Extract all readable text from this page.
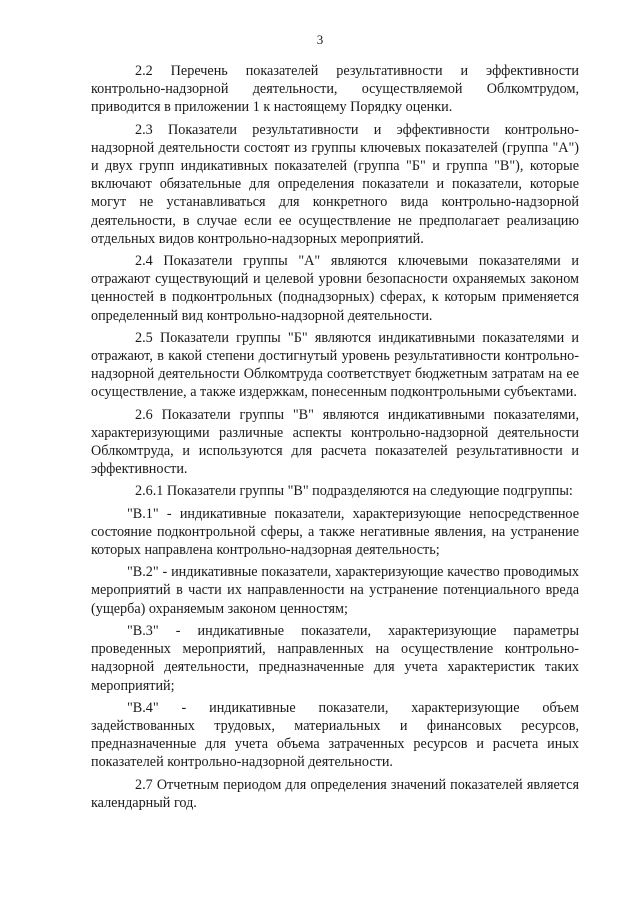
3

2.2 Перечень показателей результативности и эффективности контрольно-надзорной деятельности, осуществляемой Облкомтрудом, приводится в приложении 1 к настоящему Порядку оценки.

2.3 Показатели результативности и эффективности контрольно-надзорной деятельности состоят из группы ключевых показателей (группа "А") и двух групп индикативных показателей (группа "Б" и группа "В"), которые включают обязательные для определения показатели и показатели, которые могут не устанавливаться для конкретного вида контрольно-надзорной деятельности, в случае если ее осуществление не предполагает реализацию отдельных видов контрольно-надзорных мероприятий.

2.4 Показатели группы "А" являются ключевыми показателями и отражают существующий и целевой уровни безопасности охраняемых законом ценностей в подконтрольных (поднадзорных) сферах, к которым применяется определенный вид контрольно-надзорной деятельности.

2.5 Показатели группы "Б" являются индикативными показателями и отражают, в какой степени достигнутый уровень результативности контрольно-надзорной деятельности Облкомтруда соответствует бюджетным затратам на ее осуществление, а также издержкам, понесенным подконтрольными субъектами.

2.6 Показатели группы "В" являются индикативными показателями, характеризующими различные аспекты контрольно-надзорной деятельности Облкомтруда, и используются для расчета показателей результативности и эффективности.

2.6.1 Показатели группы "В" подразделяются на следующие подгруппы:

"В.1" - индикативные показатели, характеризующие непосредственное состояние подконтрольной сферы, а также негативные явления, на устранение которых направлена контрольно-надзорная деятельность;

"В.2" - индикативные показатели, характеризующие качество проводимых мероприятий в части их направленности на устранение потенциального вреда (ущерба) охраняемым законом ценностям;

"В.3" - индикативные показатели, характеризующие параметры проведенных мероприятий, направленных на осуществление контрольно-надзорной деятельности, предназначенные для учета характеристик таких мероприятий;

"В.4" - индикативные показатели, характеризующие объем задействованных трудовых, материальных и финансовых ресурсов, предназначенные для учета объема затраченных ресурсов и расчета иных показателей контрольно-надзорной деятельности.

2.7 Отчетным периодом для определения значений показателей является календарный год.
